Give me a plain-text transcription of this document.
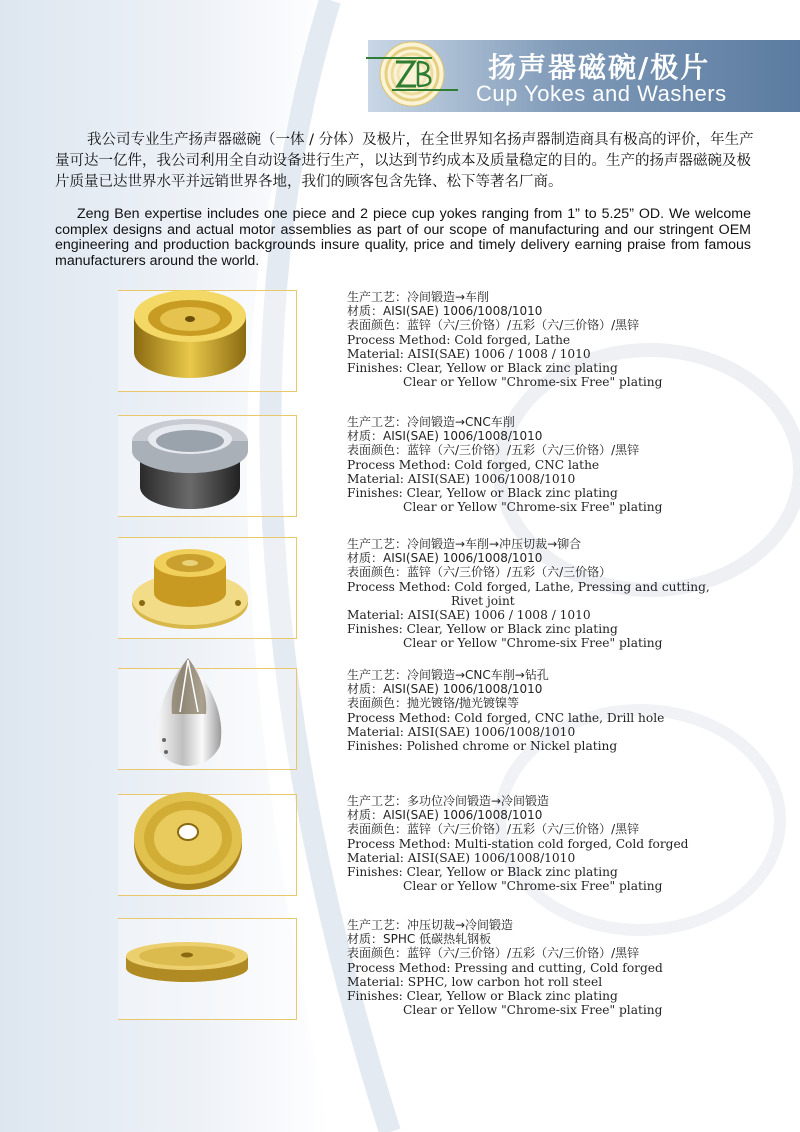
扬声器磁碗/极片
Cup Yokes and Washers
我公司专业生产扬声器磁碗（一体 / 分体）及极片，在全世界知名扬声器制造商具有极高的评价，年生产量可达一亿件，我公司利用全自动设备进行生产，以达到节约成本及质量稳定的目的。生产的扬声器磁碗及极片质量已达世界水平并远销世界各地，我们的顾客包含先锋、松下等著名厂商。
Zeng Ben expertise includes one piece and 2 piece cup yokes ranging from 1” to 5.25” OD. We welcome complex designs and actual motor assemblies as part of our scope of manufacturing and our stringent OEM engineering and production backgrounds insure quality, price and timely delivery earning praise from famous manufacturers around the world.
生产工艺：冷间锻造→车削
材质：AISI(SAE) 1006/1008/1010
表面颜色：蓝锌（六/三价铬）/五彩（六/三价铬）/黑锌
Process Method: Cold forged, Lathe
Material: AISI(SAE) 1006 / 1008 / 1010
Finishes: Clear, Yellow or Black zinc plating
Clear or Yellow "Chrome-six Free" plating
生产工艺：冷间锻造→CNC车削
材质：AISI(SAE) 1006/1008/1010
表面颜色：蓝锌（六/三价铬）/五彩（六/三价铬）/黑锌
Process Method: Cold forged, CNC lathe
Material: AISI(SAE) 1006/1008/1010
Finishes: Clear, Yellow or Black zinc plating
Clear or Yellow "Chrome-six Free" plating
生产工艺：冷间锻造→车削→冲压切裁→铆合
材质：AISI(SAE) 1006/1008/1010
表面颜色：蓝锌（六/三价铬）/五彩（六/三价铬）
Process Method: Cold forged, Lathe, Pressing and cutting,
Rivet joint
Material: AISI(SAE) 1006 / 1008 / 1010
Finishes: Clear, Yellow or Black zinc plating
Clear or Yellow "Chrome-six Free" plating
生产工艺：冷间锻造→CNC车削→钻孔
材质：AISI(SAE) 1006/1008/1010
表面颜色：抛光镀铬/抛光镀镍等
Process Method: Cold forged, CNC lathe, Drill hole
Material: AISI(SAE) 1006/1008/1010
Finishes: Polished chrome or Nickel plating
生产工艺：多功位冷间锻造→冷间锻造
材质：AISI(SAE) 1006/1008/1010
表面颜色：蓝锌（六/三价铬）/五彩（六/三价铬）/黑锌
Process Method: Multi-station cold forged, Cold forged
Material: AISI(SAE) 1006/1008/1010
Finishes: Clear, Yellow or Black zinc plating
Clear or Yellow "Chrome-six Free" plating
生产工艺：冲压切裁→冷间锻造
材质：SPHC 低碳热轧钢板
表面颜色：蓝锌（六/三价铬）/五彩（六/三价铬）/黑锌
Process Method: Pressing and cutting, Cold forged
Material: SPHC, low carbon hot roll steel
Finishes: Clear, Yellow or Black zinc plating
Clear or Yellow "Chrome-six Free" plating
